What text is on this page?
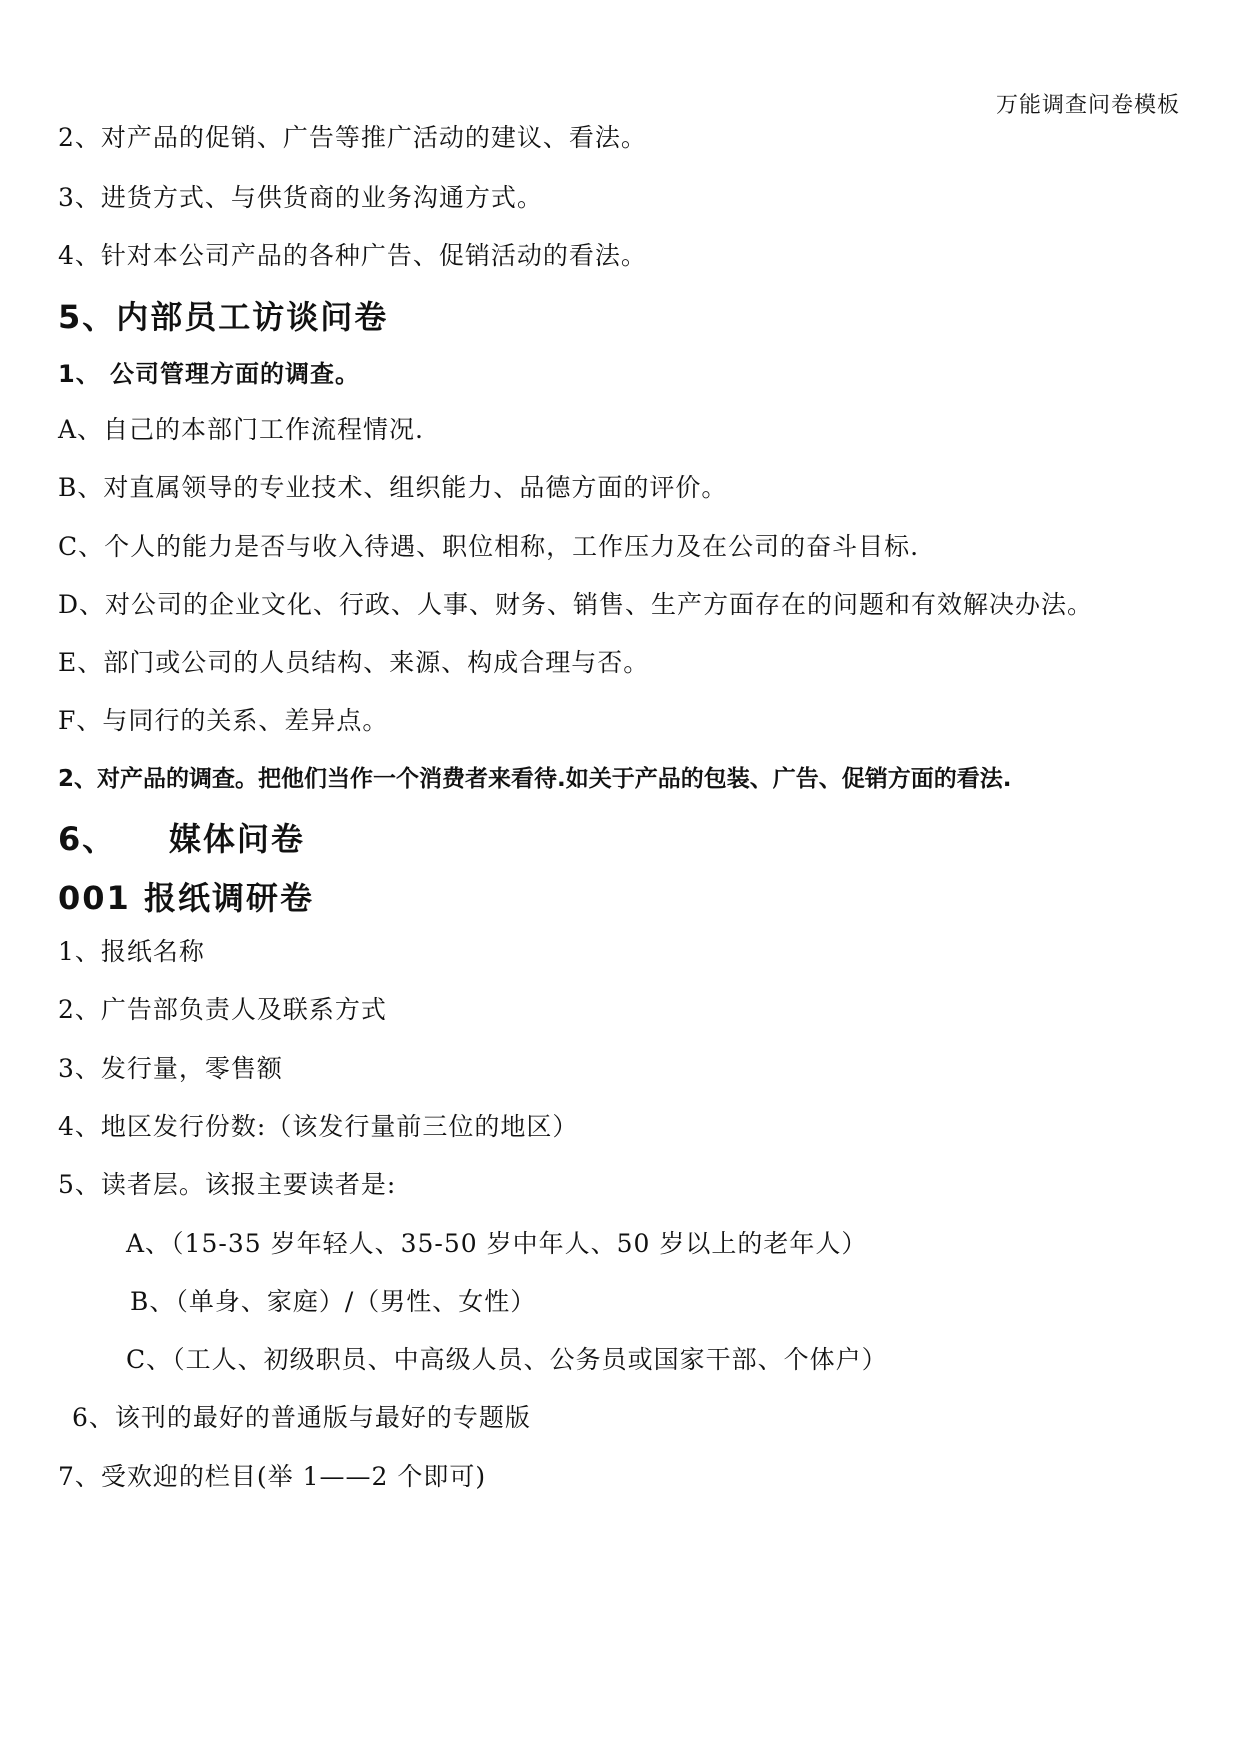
万能调查问卷模板
2、对产品的促销、广告等推广活动的建议、看法。
3、进货方式、与供货商的业务沟通方式。
4、针对本公司产品的各种广告、促销活动的看法。
5、内部员工访谈问卷
1、 公司管理方面的调查。
A、自己的本部门工作流程情况.
B、对直属领导的专业技术、组织能力、品德方面的评价。
C、个人的能力是否与收入待遇、职位相称，工作压力及在公司的奋斗目标.
D、对公司的企业文化、行政、人事、财务、销售、生产方面存在的问题和有效解决办法。
E、部门或公司的人员结构、来源、构成合理与否。
F、与同行的关系、差异点。
2、对产品的调查。把他们当作一个消费者来看待.如关于产品的包装、广告、促销方面的看法.
6、    媒体问卷
001 报纸调研卷
1、报纸名称
2、广告部负责人及联系方式
3、发行量，零售额
4、地区发行份数:（该发行量前三位的地区）
5、读者层。该报主要读者是:
A、（15-35 岁年轻人、35-50 岁中年人、50 岁以上的老年人）
B、（单身、家庭）/（男性、女性）
C、（工人、初级职员、中高级人员、公务员或国家干部、个体户）
6、该刊的最好的普通版与最好的专题版
7、受欢迎的栏目(举 1——2 个即可)
